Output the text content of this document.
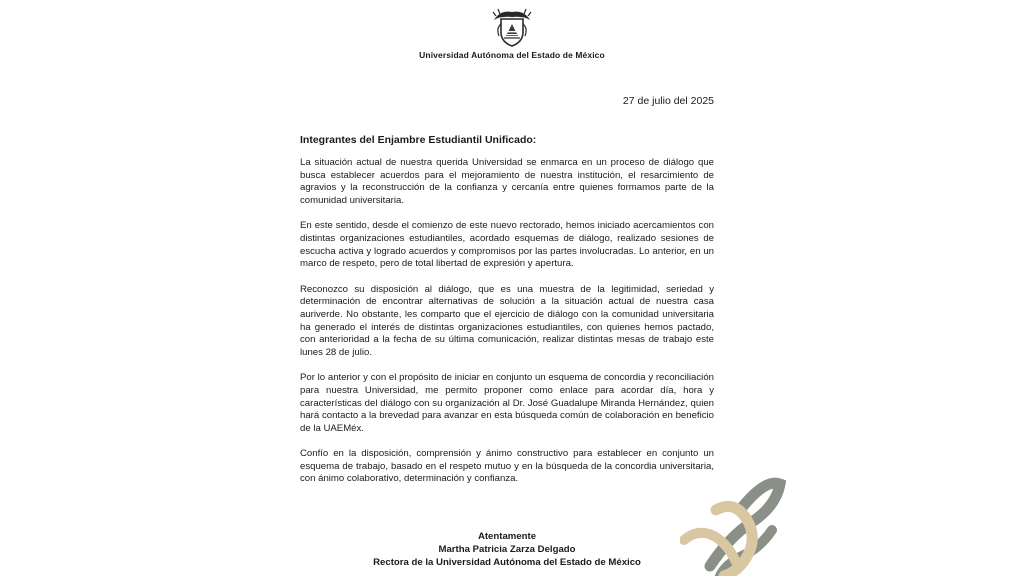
Universidad Autónoma del Estado de México
27 de julio del 2025
Integrantes del Enjambre Estudiantil Unificado:

La situación actual de nuestra querida Universidad se enmarca en un proceso de diálogo que busca establecer acuerdos para el mejoramiento de nuestra institución, el resarcimiento de agravios y la reconstrucción de la confianza y cercanía entre quienes formamos parte de la comunidad universitaria.

En este sentido, desde el comienzo de este nuevo rectorado, hemos iniciado acercamientos con distintas organizaciones estudiantiles, acordado esquemas de diálogo, realizado sesiones de escucha activa y logrado acuerdos y compromisos por las partes involucradas. Lo anterior, en un marco de respeto, pero de total libertad de expresión y apertura.

Reconozco su disposición al diálogo, que es una muestra de la legitimidad, seriedad y determinación de encontrar alternativas de solución a la situación actual de nuestra casa auriverde. No obstante, les comparto que el ejercicio de diálogo con la comunidad universitaria ha generado el interés de distintas organizaciones estudiantiles, con quienes hemos pactado, con anterioridad a la fecha de su última comunicación, realizar distintas mesas de trabajo este lunes 28 de julio.

Por lo anterior y con el propósito de iniciar en conjunto un esquema de concordia y reconciliación para nuestra Universidad, me permito proponer como enlace para acordar día, hora y características del diálogo con su organización al Dr. José Guadalupe Miranda Hernández, quien hará contacto a la brevedad para avanzar en esta búsqueda común de colaboración en beneficio de la UAEMéx.

Confío en la disposición, comprensión y ánimo constructivo para establecer en conjunto un esquema de trabajo, basado en el respeto mutuo y en la búsqueda de la concordia universitaria, con ánimo colaborativo, determinación y confianza.

Atentamente
Martha Patricia Zarza Delgado
Rectora de la Universidad Autónoma del Estado de México
